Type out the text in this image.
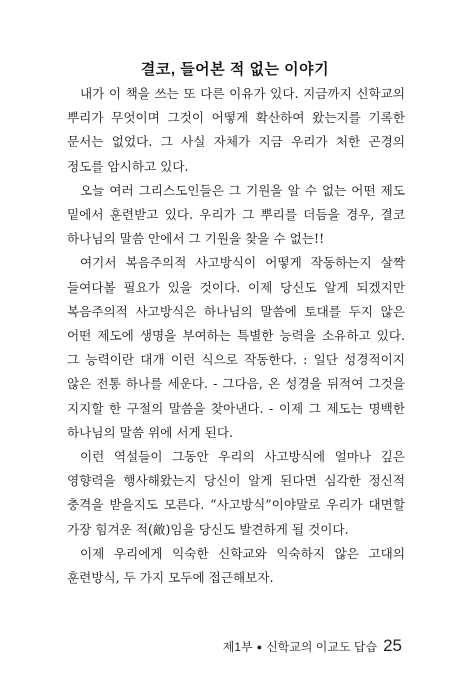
결코, 들어본 적 없는 이야기

내가 이 책을 쓰는 또 다른 이유가 있다. 지금까지 신학교의 뿌리가 무엇이며 그것이 어떻게 확산하여 왔는지를 기록한 문서는 없었다. 그 사실 자체가 지금 우리가 처한 곤경의 정도를 암시하고 있다.

오늘 여러 그리스도인들은 그 기원을 알 수 없는 어떤 제도 밑에서 훈련받고 있다. 우리가 그 뿌리를 더듬을 경우, 결코 하나님의 말씀 안에서 그 기원을 찾을 수 없는!!

여기서 복음주의적 사고방식이 어떻게 작동하는지 살짝 들여다볼 필요가 있을 것이다. 이제 당신도 알게 되겠지만 복음주의적 사고방식은 하나님의 말씀에 토대를 두지 않은 어떤 제도에 생명을 부여하는 특별한 능력을 소유하고 있다. 그 능력이란 대개 이런 식으로 작동한다. : 일단 성경적이지 않은 전통 하나를 세운다. - 그다음, 온 성경을 뒤적여 그것을 지지할 한 구절의 말씀을 찾아낸다. - 이제 그 제도는 명백한 하나님의 말씀 위에 서게 된다.

이런 역설들이 그동안 우리의 사고방식에 얼마나 깊은 영향력을 행사해왔는지 당신이 알게 된다면 심각한 정신적 충격을 받을지도 모른다. “사고방식”이야말로 우리가 대면할 가장 힘겨운 적(敵)임을 당신도 발견하게 될 것이다.

이제 우리에게 익숙한 신학교와 익숙하지 않은 고대의 훈련방식, 두 가지 모두에 접근해보자.

제1부 ● 신학교의 이교도 답습 25
